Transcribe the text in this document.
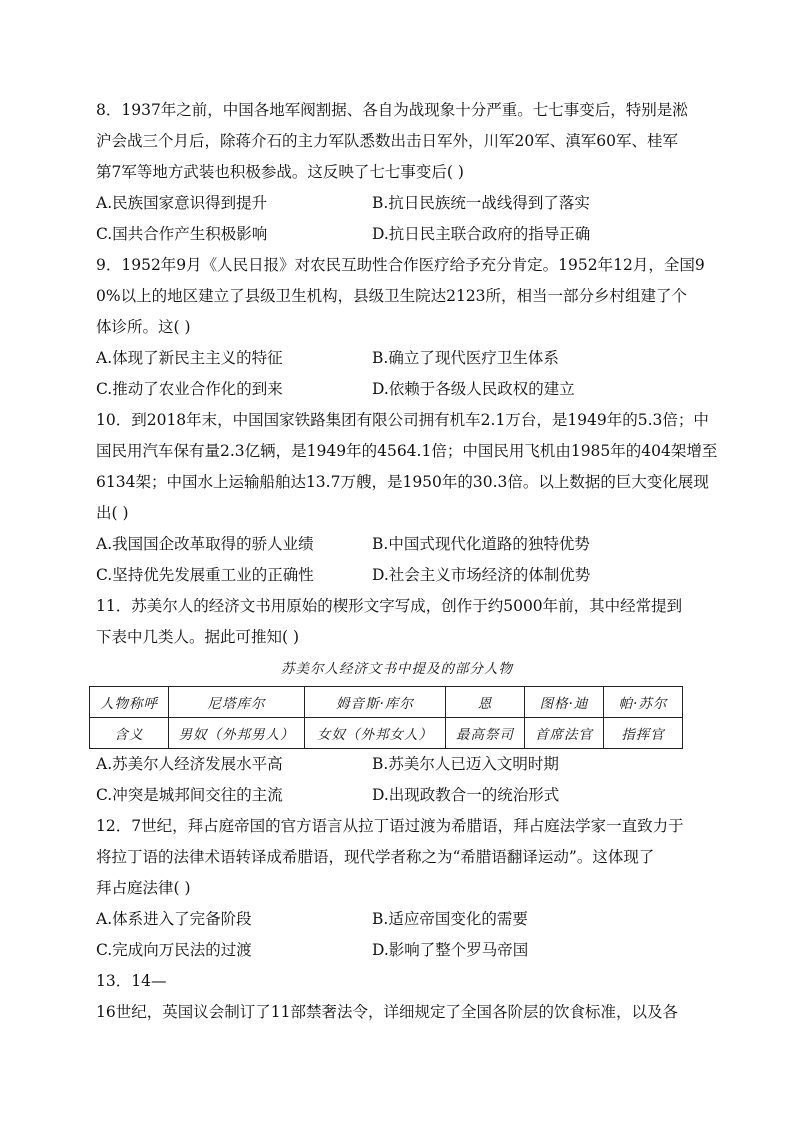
8．1937年之前，中国各地军阀割据、各自为战现象十分严重。七七事变后，特别是淞
沪会战三个月后，除蒋介石的主力军队悉数出击日军外，川军20军、滇军60军、桂军
第7军等地方武装也积极参战。这反映了七七事变后( )
A.民族国家意识得到提升	B.抗日民族统一战线得到了落实
C.国共合作产生积极影响	D.抗日民主联合政府的指导正确
9．1952年9月《人民日报》对农民互助性合作医疗给予充分肯定。1952年12月，全国9
0%以上的地区建立了县级卫生机构，县级卫生院达2123所，相当一部分乡村组建了个
体诊所。这( )
A.体现了新民主主义的特征	B.确立了现代医疗卫生体系
C.推动了农业合作化的到来	D.依赖于各级人民政权的建立
10．到2018年末，中国国家铁路集团有限公司拥有机车2.1万台，是1949年的5.3倍；中
国民用汽车保有量2.3亿辆，是1949年的4564.1倍；中国民用飞机由1985年的404架增至
6134架；中国水上运输船舶达13.7万艘，是1950年的30.3倍。以上数据的巨大变化展现
出( )
A.我国国企改革取得的骄人业绩	B.中国式现代化道路的独特优势
C.坚持优先发展重工业的正确性	D.社会主义市场经济的体制优势
11．苏美尔人的经济文书用原始的楔形文字写成，创作于约5000年前，其中经常提到
下表中几类人。据此可推知( )
苏美尔人经济文书中提及的部分人物
人物称呼	尼塔库尔	姆音斯·库尔	恩	图格·迪	帕·苏尔
含义	男奴（外邦男人）	女奴（外邦女人）	最高祭司	首席法官	指挥官
A.苏美尔人经济发展水平高	B.苏美尔人已迈入文明时期
C.冲突是城邦间交往的主流	D.出现政教合一的统治形式
12．7世纪，拜占庭帝国的官方语言从拉丁语过渡为希腊语，拜占庭法学家一直致力于
将拉丁语的法律术语转译成希腊语，现代学者称之为“希腊语翻译运动”。这体现了
拜占庭法律( )
A.体系进入了完备阶段	B.适应帝国变化的需要
C.完成向万民法的过渡	D.影响了整个罗马帝国
13．14—
16世纪，英国议会制订了11部禁奢法令，详细规定了全国各阶层的饮食标准，以及各
